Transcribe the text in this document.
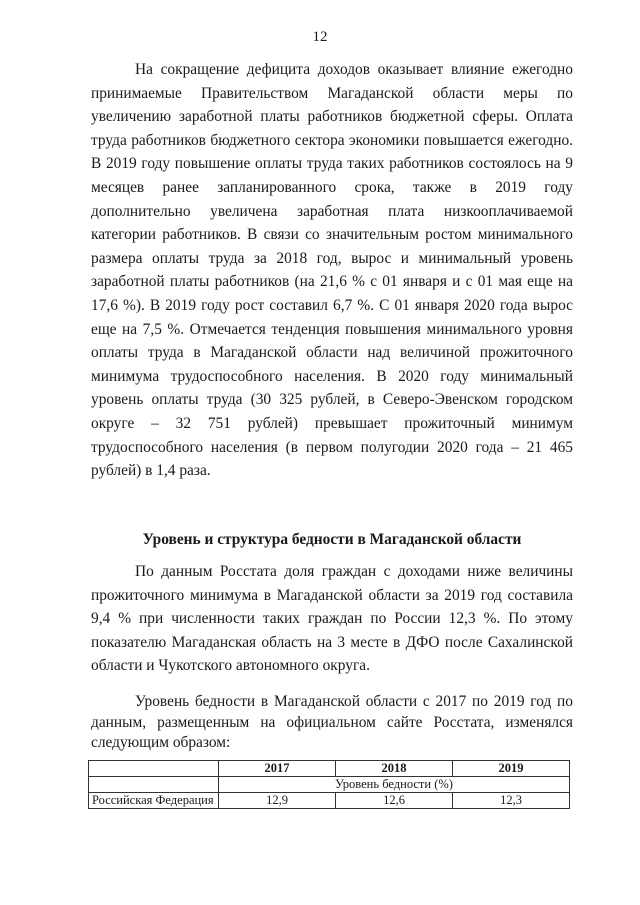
12

На сокращение дефицита доходов оказывает влияние ежегодно принимаемые Правительством Магаданской области меры по увеличению заработной платы работников бюджетной сферы. Оплата труда работников бюджетного сектора экономики повышается ежегодно. В 2019 году повышение оплаты труда таких работников состоялось на 9 месяцев ранее запланированного срока, также в 2019 году дополнительно увеличена заработная плата низкооплачиваемой категории работников. В связи со значительным ростом минимального размера оплаты труда за 2018 год, вырос и минимальный уровень заработной платы работников (на 21,6 % с 01 января и с 01 мая еще на 17,6 %). В 2019 году рост составил 6,7 %. С 01 января 2020 года вырос еще на 7,5 %. Отмечается тенденция повышения минимального уровня оплаты труда в Магаданской области над величиной прожиточного минимума трудоспособного населения. В 2020 году минимальный уровень оплаты труда (30 325 рублей, в Северо-Эвенском городском округе – 32 751 рублей) превышает прожиточный минимум трудоспособного населения (в первом полугодии 2020 года – 21 465 рублей) в 1,4 раза.

Уровень и структура бедности в Магаданской области

По данным Росстата доля граждан с доходами ниже величины прожиточного минимума в Магаданской области за 2019 год составила 9,4 % при численности таких граждан по России 12,3 %. По этому показателю Магаданская область на 3 месте в ДФО после Сахалинской области и Чукотского автономного округа.

Уровень бедности в Магаданской области с 2017 по 2019 год по данным, размещенным на официальном сайте Росстата, изменялся следующим образом:

	2017	2018	2019
	Уровень бедности (%)		
Российская Федерация	12,9	12,6	12,3
